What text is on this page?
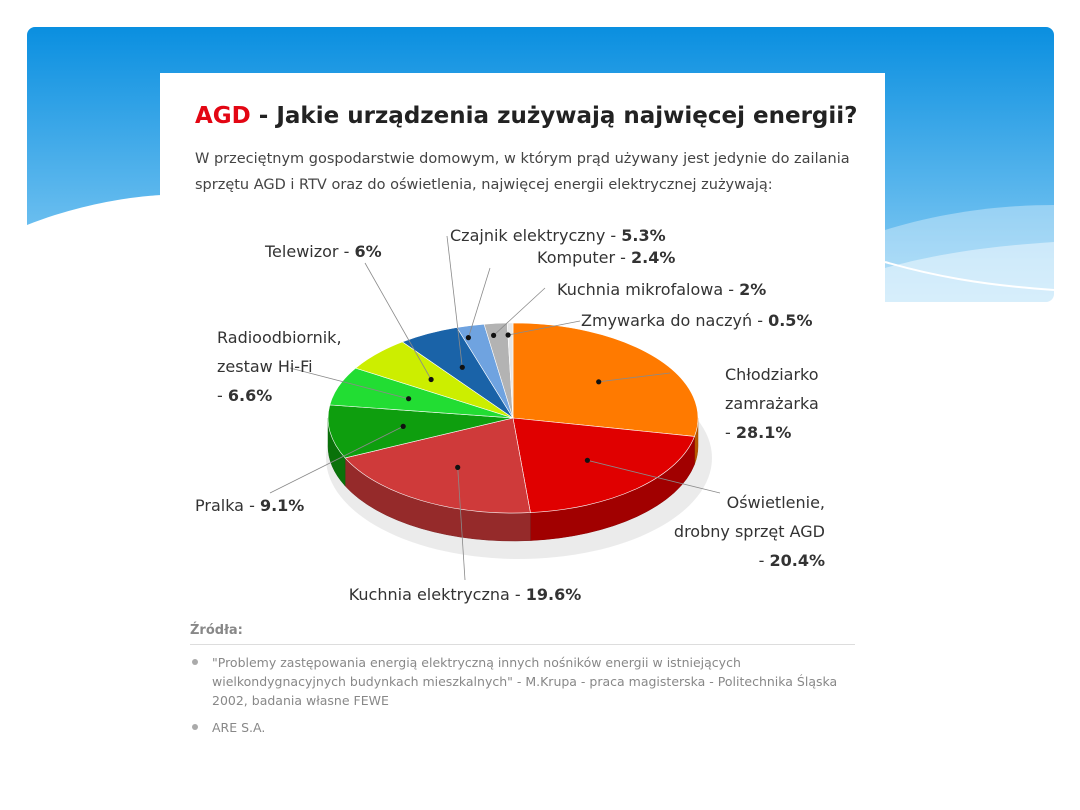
AGD - Jakie urządzenia zużywają najwięcej energii?
W przeciętnym gospodarstwie domowym, w którym prąd używany jest jedynie do zailania sprzętu AGD i RTV oraz do oświetlenia, najwięcej energii elektrycznej zużywają:
Chłodziarko zamrażarka - 28.1%
Oświetlenie, drobny sprzęt AGD - 20.4%
Kuchnia elektryczna - 19.6%
Pralka - 9.1%
Radioodbiornik, zestaw Hi-Fi - 6.6%
Telewizor - 6%
Czajnik elektryczny - 5.3%
Komputer - 2.4%
Kuchnia mikrofalowa - 2%
Zmywarka do naczyń - 0.5%
Źródła:
"Problemy zastępowania energią elektryczną innych nośników energii w istniejących wielkondygnacyjnych budynkach mieszkalnych" - M.Krupa - praca magisterska - Politechnika Śląska 2002, badania własne FEWE
ARE S.A.
